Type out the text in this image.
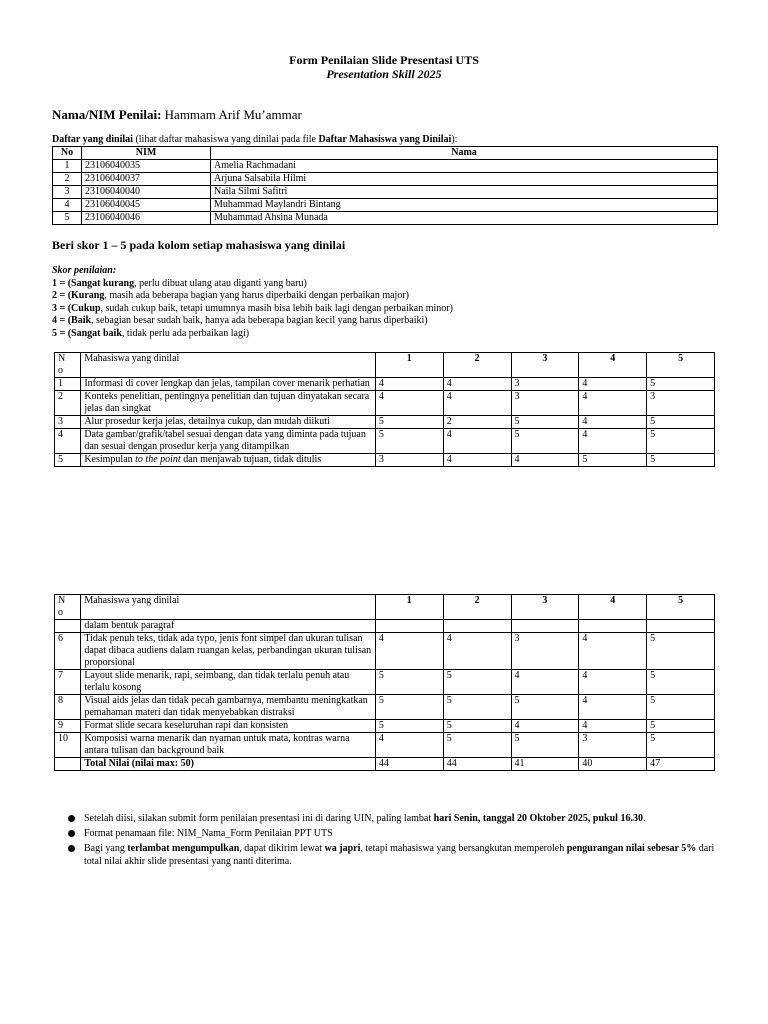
Form Penilaian Slide Presentasi UTS
Presentation Skill 2025
Nama/NIM Penilai: Hammam Arif Mu’ammar
Daftar yang dinilai (lihat daftar mahasiswa yang dinilai pada file Daftar Mahasiswa yang Dinilai):
No	NIM	Nama
1	23106040035	Amelia Rachmadani
2	23106040037	Arjuna Salsabila Hilmi
3	23106040040	Naila Silmi Safitri
4	23106040045	Muhammad Maylandri Bintang
5	23106040046	Muhammad Ahsina Munada
Beri skor 1 – 5 pada kolom setiap mahasiswa yang dinilai
Skor penilaian:
1 = (Sangat kurang, perlu dibuat ulang atau diganti yang baru)
2 = (Kurang, masih ada beberapa bagian yang harus diperbaiki dengan perbaikan major)
3 = (Cukup, sudah cukup baik, tetapi umumnya masih bisa lebih baik lagi dengan perbaikan minor)
4 = (Baik, sebagian besar sudah baik, hanya ada beberapa bagian kecil yang harus diperbaiki)
5 = (Sangat baik, tidak perlu ada perbaikan lagi)
N
o	Mahasiswa yang dinilai	1	2	3	4	5
1	Informasi di cover lengkap dan jelas, tampilan cover menarik perhatian	4	4	3	4	5
2	Konteks penelitian, pentingnya penelitian dan tujuan dinyatakan secara jelas dan singkat	4	4	3	4	3
3	Alur prosedur kerja jelas, detailnya cukup, dan mudah diikuti	5	2	5	4	5
4	Data gambar/grafik/tabel sesuai dengan data yang diminta pada tujuan dan sesuai dengan prosedur kerja yang ditampilkan	5	4	5	4	5
5	Kesimpulan to the point dan menjawab tujuan, tidak ditulis	3	4	4	5	5
N
o	Mahasiswa yang dinilai	1	2	3	4	5
	dalam bentuk paragraf					
6	Tidak penuh teks, tidak ada typo, jenis font simpel dan ukuran tulisan dapat dibaca audiens dalam ruangan kelas, perbandingan ukuran tulisan proporsional	4	4	3	4	5
7	Layout slide menarik, rapi, seimbang, dan tidak terlalu penuh atau terlalu kosong	5	5	4	4	5
8	Visual aids jelas dan tidak pecah gambarnya, membantu meningkatkan pemahaman materi dan tidak menyebabkan distraksi	5	5	5	4	5
9	Format slide secara keseluruhan rapi dan konsisten	5	5	4	4	5
10	Komposisi warna menarik dan nyaman untuk mata, kontras warna antara tulisan dan background baik	4	5	5	3	5
	Total Nilai (nilai max: 50)	44	44	41	40	47
Setelah diisi, silakan submit form penilaian presentasi ini di daring UIN, paling lambat hari Senin, tanggal 20 Oktober 2025, pukul 16.30.
Format penamaan file: NIM_Nama_Form Penilaian PPT UTS
Bagi yang terlambat mengumpulkan, dapat dikirim lewat wa japri, tetapi mahasiswa yang bersangkutan memperoleh pengurangan nilai sebesar 5% dari total nilai akhir slide presentasi yang nanti diterima.
